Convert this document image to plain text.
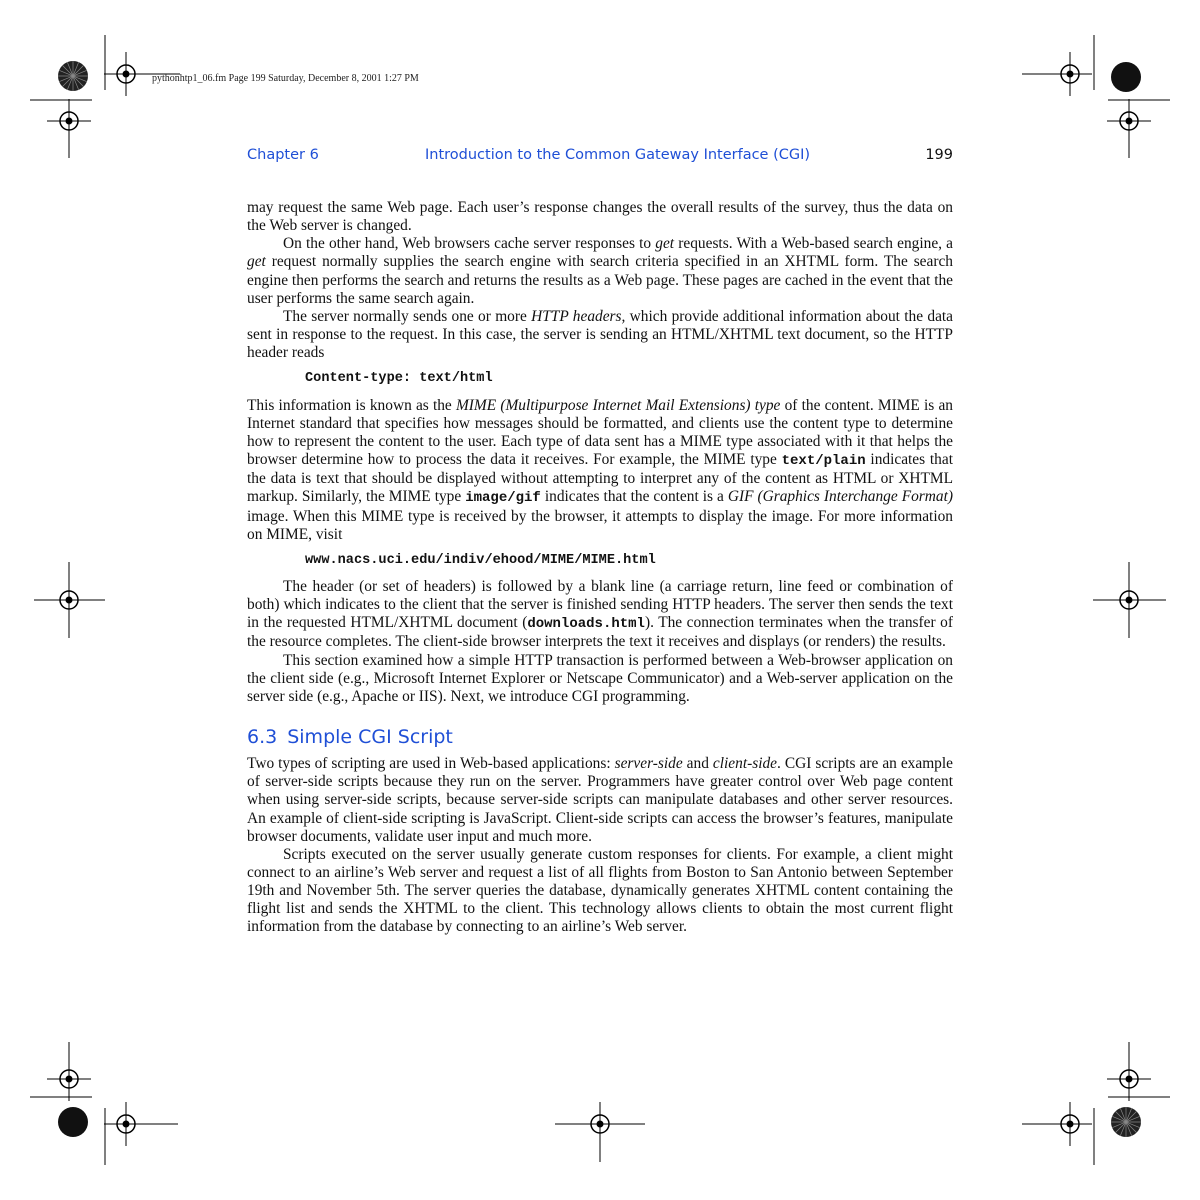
pythonhtp1_06.fm Page 199 Saturday, December 8, 2001 1:27 PM
Chapter 6	Introduction to the Common Gateway Interface (CGI)	199

may request the same Web page. Each user’s response changes the overall results of the survey, thus the data on the Web server is changed.

On the other hand, Web browsers cache server responses to get requests. With a Web-based search engine, a get request normally supplies the search engine with search criteria specified in an XHTML form. The search engine then performs the search and returns the results as a Web page. These pages are cached in the event that the user performs the same search again.

The server normally sends one or more HTTP headers, which provide additional information about the data sent in response to the request. In this case, the server is sending an HTML/XHTML text document, so the HTTP header reads

Content-type: text/html

This information is known as the MIME (Multipurpose Internet Mail Extensions) type of the content. MIME is an Internet standard that specifies how messages should be formatted, and clients use the content type to determine how to represent the content to the user. Each type of data sent has a MIME type associated with it that helps the browser determine how to process the data it receives. For example, the MIME type text/plain indicates that the data is text that should be displayed without attempting to interpret any of the content as HTML or XHTML markup. Similarly, the MIME type image/gif indicates that the content is a GIF (Graphics Interchange Format) image. When this MIME type is received by the browser, it attempts to display the image. For more information on MIME, visit

www.nacs.uci.edu/indiv/ehood/MIME/MIME.html

The header (or set of headers) is followed by a blank line (a carriage return, line feed or combination of both) which indicates to the client that the server is finished sending HTTP headers. The server then sends the text in the requested HTML/XHTML document (downloads.html). The connection terminates when the transfer of the resource completes. The client-side browser interprets the text it receives and displays (or renders) the results.

This section examined how a simple HTTP transaction is performed between a Web-browser application on the client side (e.g., Microsoft Internet Explorer or Netscape Communicator) and a Web-server application on the server side (e.g., Apache or IIS). Next, we introduce CGI programming.

6.3 Simple CGI Script

Two types of scripting are used in Web-based applications: server-side and client-side. CGI scripts are an example of server-side scripts because they run on the server. Programmers have greater control over Web page content when using server-side scripts, because server-side scripts can manipulate databases and other server resources. An example of client-side scripting is JavaScript. Client-side scripts can access the browser’s features, manipulate browser documents, validate user input and much more.

Scripts executed on the server usually generate custom responses for clients. For example, a client might connect to an airline’s Web server and request a list of all flights from Boston to San Antonio between September 19th and November 5th. The server queries the database, dynamically generates XHTML content containing the flight list and sends the XHTML to the client. This technology allows clients to obtain the most current flight information from the database by connecting to an airline’s Web server.
